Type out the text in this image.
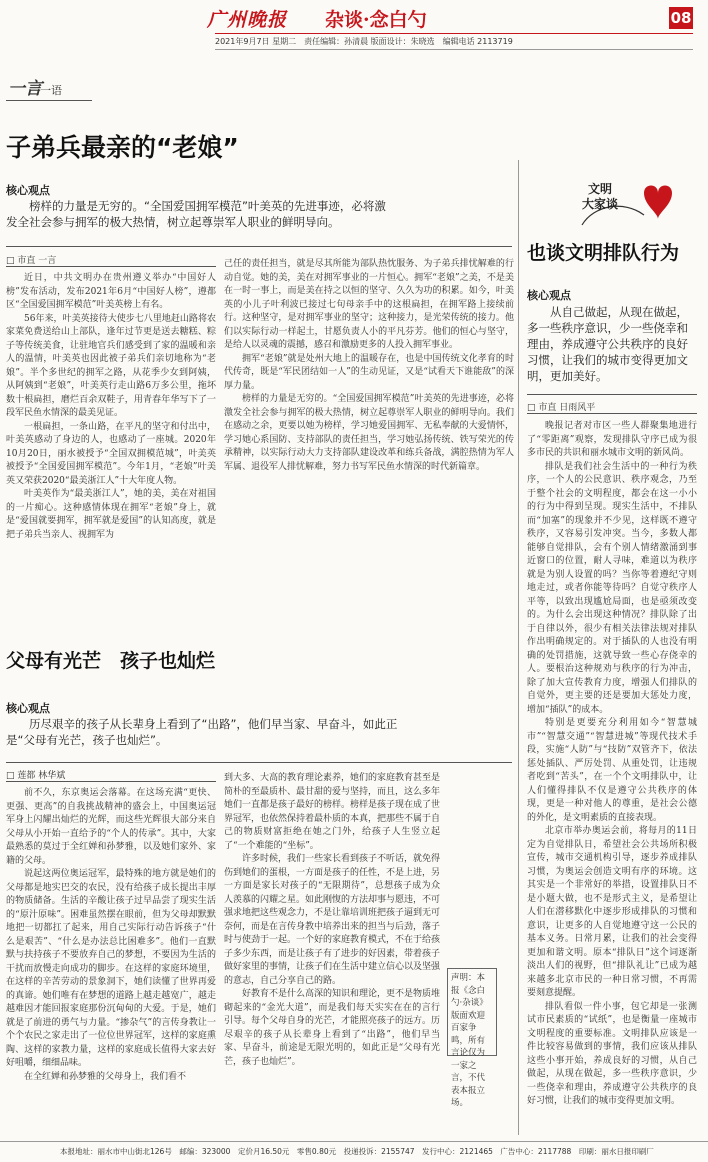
广州晚报 杂谈·念白勺	08
2021年9月7日 星期二　责任编辑：孙清晨 版面设计：朱晓选　编辑电话 2113719
一言
一语
子弟兵最亲的“老娘”
核心观点
榜样的力量是无穷的。“全国爱国拥军模范”叶美英的先进事迹，必将激发全社会参与拥军的极大热情，树立起尊崇军人职业的鲜明导向。
□ 市直 一言

近日，中共文明办在贵州遵义举办“中国好人榜”发布活动，发布2021年6月“中国好人榜”，遵都区“全国爱国拥军模范”叶美英榜上有名。

56年来，叶美英接待大使步七八里地赶山路将农家菜免费送给山上部队，逢年过节更是送去糖糕、粽子等传统美食，让驻地官兵们感受到了家的温暖和亲人的温情，叶美英也因此被子弟兵们亲切地称为“老娘”。半个多世纪的拥军之路，从花季少女到阿姨，从阿姨到“老娘”，叶美英行走山路6万多公里，拖坏数十根扁担，磨烂百余双鞋子，用青春年华写下了一段军民鱼水情深的最美见证。

一根扁担，一条山路，在平凡的坚守和付出中，叶美英感动了身边的人，也感动了一座城。2020年10月20日，丽水被授予“全国双拥模范城”，叶美英被授予“全国爱国拥军模范”。今年1月，“老娘”叶美英又荣获2020“最美浙江人”十大年度人物。

叶美英作为“最美浙江人”，她的美，美在对祖国的一片痴心。这种感情体现在拥军“老娘”身上，就是“爱国就要拥军，拥军就是爱国”的认知高度，就是把子弟兵当亲人、视拥军为

己任的责任担当，就是尽其所能为部队热忱服务、为子弟兵排忧解难的行动自觉。她的美，美在对拥军事业的一片恒心。拥军“老娘”之美，不是美在一时一事上，而是美在持之以恒的坚守、久久为功的积累。如今，叶美英的小儿子叶利波已接过七旬母亲手中的这根扁担，在拥军路上接续前行。这种坚守，是对拥军事业的坚守；这种接力，是光荣传统的接力。他们以实际行动一样起土，甘愿负责人小的平凡芬芳。他们的恒心与坚守，是给人以灵魂的震撼，感召和激励更多的人投入拥军事业。

拥军“老娘”就是处州大地上的温暖存在，也是中国传统文化孝育的时代传奇，既是“军民团结如一人”的生动见证，又是“试看天下谁能敌”的深厚力量。

榜样的力量是无穷的。“全国爱国拥军模范”叶美英的先进事迹，必将激发全社会参与拥军的极大热情，树立起尊崇军人职业的鲜明导向。我们在感动之余，更要以她为榜样，学习她爱国拥军、无私奉献的大爱情怀，学习她心系国防、支持部队的责任担当，学习她弘扬传统、铁写荣光的传承精神，以实际行动大力支持部队建设改革和练兵备战，满腔热情为军人军属、退役军人排忧解难，努力书写军民鱼水情深的时代新篇章。

父母有光芒　孩子也灿烂
核心观点
历尽艰辛的孩子从长辈身上看到了“出路”，他们早当家、早奋斗，如此正是“父母有光芒，孩子也灿烂”。
□ 莲都 林华斌

前不久，东京奥运会落幕。在这场充满“更快、更强、更高”的自我挑战精神的盛会上，中国奥运冠军身上闪耀出灿烂的光辉，而这些光辉很大部分来自父母从小开始一直给予的“个人的传承”。其中，大家最熟悉的莫过于全红婵和孙梦雅，以及她们家外、家籍的父母。

说起这两位奥运冠军，最特殊的地方就是她们的父母都是地实巴交的农民，没有给孩子成长提出丰厚的物质储备。生活的辛酸让孩子过早品尝了现实生活的“原汁原味”。困难虽然摆在眼前，但为父母却默默地把一切都扛了起来，用自己实际行动告诉孩子“什么是艰苦”、“什么是办法总比困难多”。他们一直默默与扶持孩子不要放弃自己的梦想，不要因为生活的干扰而放慢走向成功的脚步。在这样的家庭环境里，在这样的辛苦劳动的景象洞下，她们读懂了世界再爱的真谛。她们唯有在梦想的道路上越走越宽广，越走越难因才能回报家庭那份沉甸甸的大爱。于是，她们就是了前进的勇气与力量。“掺杂气”的言传身教让一个个农民之家走出了一位位世界冠军，这样的家庭熏陶、这样的家教力量，这样的家庭成长值得大家去好好咀嚼，细细品味。

在全红婵和孙梦雅的父母身上，我们看不

到大多、大高的教育理论素养，她们的家庭教育甚至是简朴的至最质朴、最甘甜的爱与坚持，而且，这么多年她们一直都是孩子最好的榜样。榜样是孩子现在成了世界冠军，也依然保持着最朴质的本真，把那些不属于自己的物质财富拒绝在她之门外，给孩子人生竖立起了“一个难能的“坐标”。

许多时候，我们一些家长看到孩子不听话，就免得伤到她们的蛋根，一方面是孩子的任性，不是上进，另一方面是家长对孩子的“无限期待”，总想孩子成为众人羡慕的闪耀之星。如此刚愎的方法却事与愿违，不可强求地把这些观念力，不是让靠培训班把孩子逼到无可奈何，而是在言传身教中培养出来的担当与后劲，落子时与使劲于一起。一个好的家庭教育模式，不在于给孩子多少东西，而是让孩子有了进步的好因素，带着孩子做好家里的事情，让孩子们在生活中建立信心以及坚强的意志，自己分享自己的路。

好教育不是什么高深的知识和理论，更不是物质堆砌起来的“金光大道”，而是我们每天实实在在的言行引导。每个父母自身的光芒，才能照亮孩子的远方。历尽艰辛的孩子从长辈身上看到了“出路”，他们早当家、早奋斗，前途是无限光明的，如此正是“父母有光芒，孩子也灿烂”。

声明：本报《念白勺·杂谈》版面欢迎百家争鸣，所有言论仅为一家之言，不代表本报立场。
文明
大家谈
也谈文明排队行为
核心观点
从自己做起，从现在做起，多一些秩序意识，少一些侥幸和理由，养成遵守公共秩序的良好习惯，让我们的城市变得更加文明，更加美好。
□ 市直 日雨风平

晚报记者对市区一些人群聚集地进行了“零距离”观察，发现排队守序已成为很多市民的共识和丽水城市文明的新风尚。

排队是我们社会生活中的一种行为秩序，一个人的公民意识、秩序观念，乃至于整个社会的文明程度，都会在这一小小的行为中得到呈现。现实生活中，不排队而“加塞”的现象并不少见，这样既不遵守秩序，又容易引发冲突。当今，多数人都能够自觉排队，会有个别人情绪激涌到事近窗口的位置，耐人寻味，难道以为秩序就是为别人设置的吗？当你等着遵纪守则地走过，或者你能等待吗？自觉守秩序人平等，以致出现尴尬局面，也是亟须改变的。为什么会出现这种情况？排队除了出于自律以外，很少有相关法律法规对排队作出明确规定的。对于插队的人也没有明确的处罚措施，这就导致一些心存侥幸的人。要根治这种规劝与秩序的行为冲击，除了加大宣传教育力度，增强人们排队的自觉外，更主要的还是要加大惩处力度，增加“插队”的成本。

特别是更要充分利用如今“智慧城市”“智慧交通”“智慧进城”等现代技术手段，实施“人防”与“技防”双管齐下，依法惩处插队、严厉处罚、从重处罚，让违规者吃到“苦头”，在一个个文明排队中，让人们懂得排队不仅是遵守公共秩序的体现，更是一种对他人的尊重，是社会公德的外化，是文明素质的直接表现。

北京市举办奥运会前，将每月的11日定为自觉排队日，希望社会公共场所积极宣传，城市交通机构引导，逐步养成排队习惯，为奥运会创造文明有序的环境。这其实是一个非常好的举措，设置排队日不是小题大做，也不是形式主义，是希望让人们在潜移默化中逐步形成排队的习惯和意识，让更多的人自觉地遵守这一公民的基本义务。日常月累，让我们的社会变得更加和谐文明。原本“排队日”这个词逐渐淡出人们的视野，但“排队礼让”已成为越来越多北京市民的一种日常习惯，不再需要刻意提醒。

排队看似一件小事，包它却是一张测试市民素质的“试纸”，也是衡量一座城市文明程度的重要标准。文明排队应该是一件比较容易做到的事情，我们应该从排队这些小事开始，养成良好的习惯，从自己做起，从现在做起，多一些秩序意识，少一些侥幸和理由，养成遵守公共秩序的良好习惯，让我们的城市变得更加文明。

本报地址：丽水市中山街北126号　邮编：323000　定价月16.50元　零售0.80元　投递投诉：2155747　发行中心：2121465　广告中心：2117788　印刷：丽水日报印刷厂
